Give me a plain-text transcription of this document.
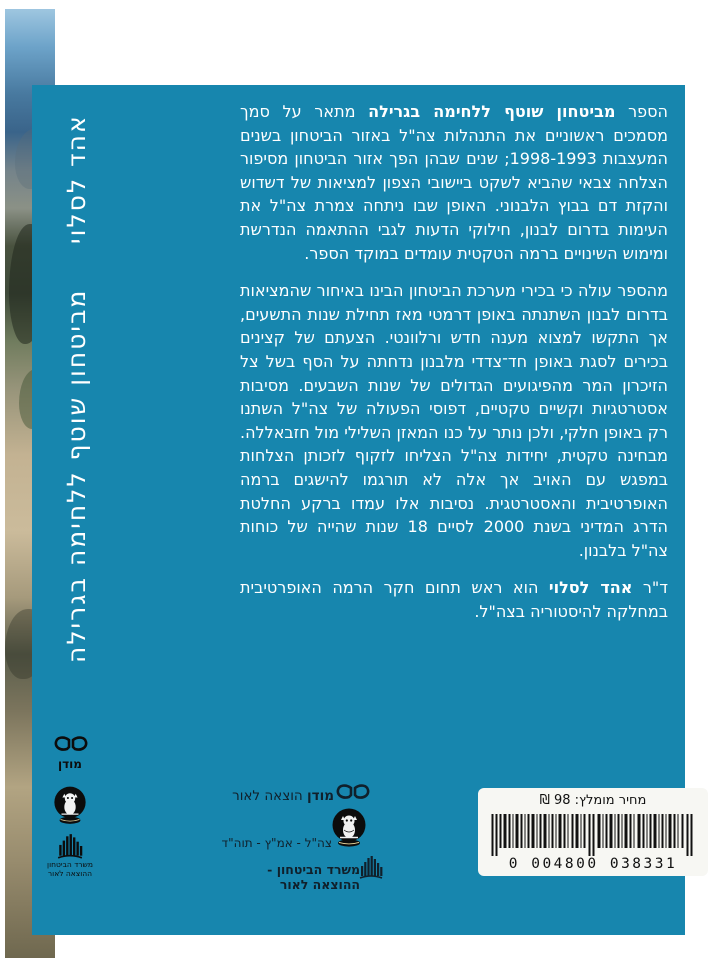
אהד לסלוי
מביטחון שוטף ללחימה בגרילה

הספר מביטחון שוטף ללחימה בגרילה מתאר על סמך מסמכים ראשוניים את התנהלות צה"ל באזור הביטחון בשנים המעצבות 1998-1993; שנים שבהן הפך אזור הביטחון מסיפור הצלחה צבאי שהביא לשקט ביישובי הצפון למציאות של דשדוש והקזת דם בבוץ הלבנוני. האופן שבו ניתחה צמרת צה"ל את העימות בדרום לבנון, חילוקי הדעות לגבי ההתאמה הנדרשת ומימוש השינויים ברמה הטקטית עומדים במוקד הספר.

מהספר עולה כי בכירי מערכת הביטחון הבינו באיחור שהמציאות בדרום לבנון השתנתה באופן דרמטי מאז תחילת שנות התשעים, אך התקשו למצוא מענה חדש ורלוונטי. הצעתם של קצינים בכירים לסגת באופן חד־צדדי מלבנון נדחתה על הסף בשל צל הזיכרון המר מהפיגועים הגדולים של שנות השבעים. מסיבות אסטרטגיות וקשיים טקטיים, דפוסי הפעולה של צה"ל השתנו רק באופן חלקי, ולכן נותר על כנו המאזן השלילי מול חזבאללה. מבחינה טקטית, יחידות צה"ל הצליחו לזקוף לזכותן הצלחות במפגש עם האויב אך אלה לא תורגמו להישגים ברמה האופרטיבית והאסטרטגית. נסיבות אלו עמדו ברקע החלטת הדרג המדיני בשנת 2000 לסיים 18 שנות שהייה של כוחות צה"ל בלבנון.

ד"ר אהד לסלוי הוא ראש תחום חקר הרמה האופרטיבית במחלקה להיסטוריה בצה"ל.

מודן הוצאה לאור
צה"ל - אמ"ץ - תוה"ד
משרד הביטחון - ההוצאה לאור
מודן
משרד הביטחון
ההוצאה לאור
מחיר מומלץ: 98 ₪
0 004800 038331
